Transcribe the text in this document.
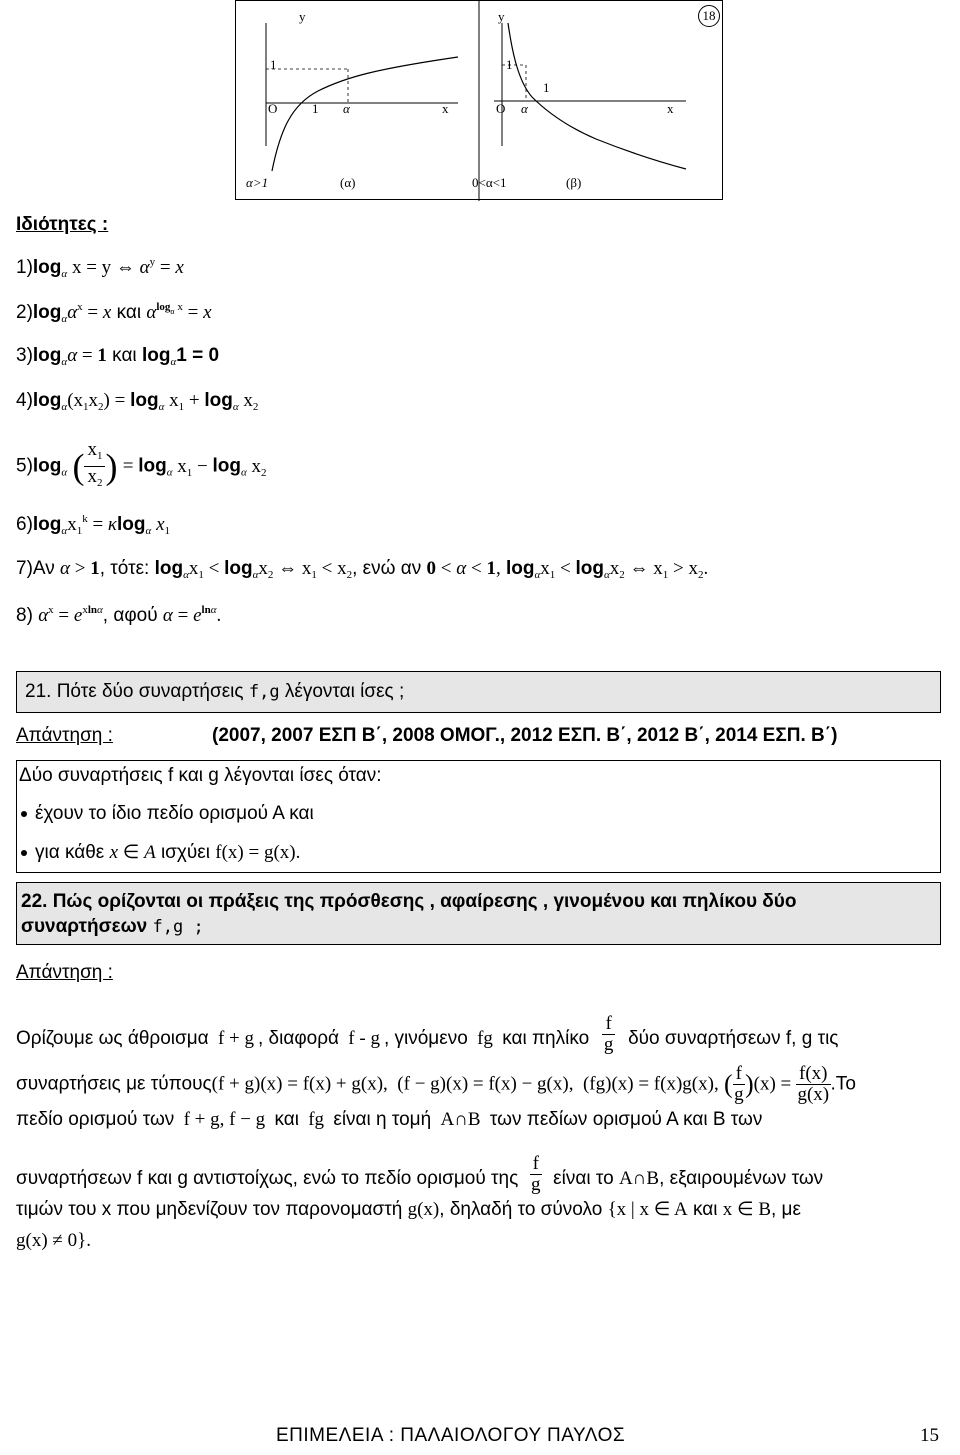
y
1
O	1 α	x
y
1
1
O α	x
α>1	(α)	0<α<1	(β)
18
Ιδιότητες :
$1)\log_\alpha$ x = y ⇔ $\alpha^y = x$
$2)\log_\alpha\alpha^x = x$ και $\alpha^{log_\alpha x} = x$
$3)\log_\alpha\alpha = 1$ και $\log_\alpha 1 = 0$
$4)\log_\alpha(x_1x_2) = \log_\alpha x_1 + \log_\alpha x_2$
$5)\log_\alpha$ ( $\frac{x_1}{x_2}$ ) = $\log_\alpha x_1 - \log_\alpha x_2$
$6)\log_\alpha x_1^k = \kappa\log_\alpha$ $x_1$
7)Αν α > 1, τότε: $\log_\alpha x_1 < \log_\alpha x_2$ ⇔ $x_1 < x_2$, ενώ αν 0 < α < 1, $\log_\alpha x_1 < \log_\alpha x_2$ ⇔ $x_1 > x_2$.
8) $\alpha^x = e^{xln\alpha}$, αφού $\alpha = e^{ln\alpha}$.
21. Πότε δύο συναρτήσεις f,g λέγονται ίσες ;
Απάντηση :	(2007, 2007 ΕΣΠ Β΄, 2008 ΟΜΟΓ., 2012 ΕΣΠ. Β΄, 2012 Β΄, 2014 ΕΣΠ. Β΄)
Δύο συναρτήσεις f και g λέγονται ίσες όταν:
έχουν το ίδιο πεδίο ορισμού Α και
για κάθε x ∈ A ισχύει f(x) = g(x).
22. Πώς ορίζονται οι πράξεις της πρόσθεσης , αφαίρεσης , γινομένου και πηλίκου δύο
συναρτήσεων f,g ;
Απάντηση :
Ορίζουμε ως άθροισμα f + g , διαφορά f - g , γινόμενο fg και πηλίκο $\frac{f}{g}$ δύο συναρτήσεων f, g τις
συναρτήσεις με τύπους(f + g)(x) = f(x) + g(x),  (f − g)(x) = f(x) − g(x),  (fg)(x) = f(x)g(x), ( $\frac{f}{g} )(x) = \frac{f(x)}{g(x)} .To$
πεδίο ορισμού των f + g, f − g και fg είναι η τομή A∩B των πεδίων ορισμού Α και Β των
συναρτήσεων f και g αντιστοίχως, ενώ το πεδίο ορισμού της $\frac{f}{g}$ είναι το A∩B, εξαιρουμένων των
τιμών του x που μηδενίζουν τον παρονομαστή g(x), δηλαδή το σύνολο {x | x ∈ A και x ∈ B, με
g(x) ≠ 0}.
ΕΠΙΜΕΛΕΙΑ : ΠΑΛΑΙΟΛΟΓΟΥ ΠΑΥΛΟΣ	15
